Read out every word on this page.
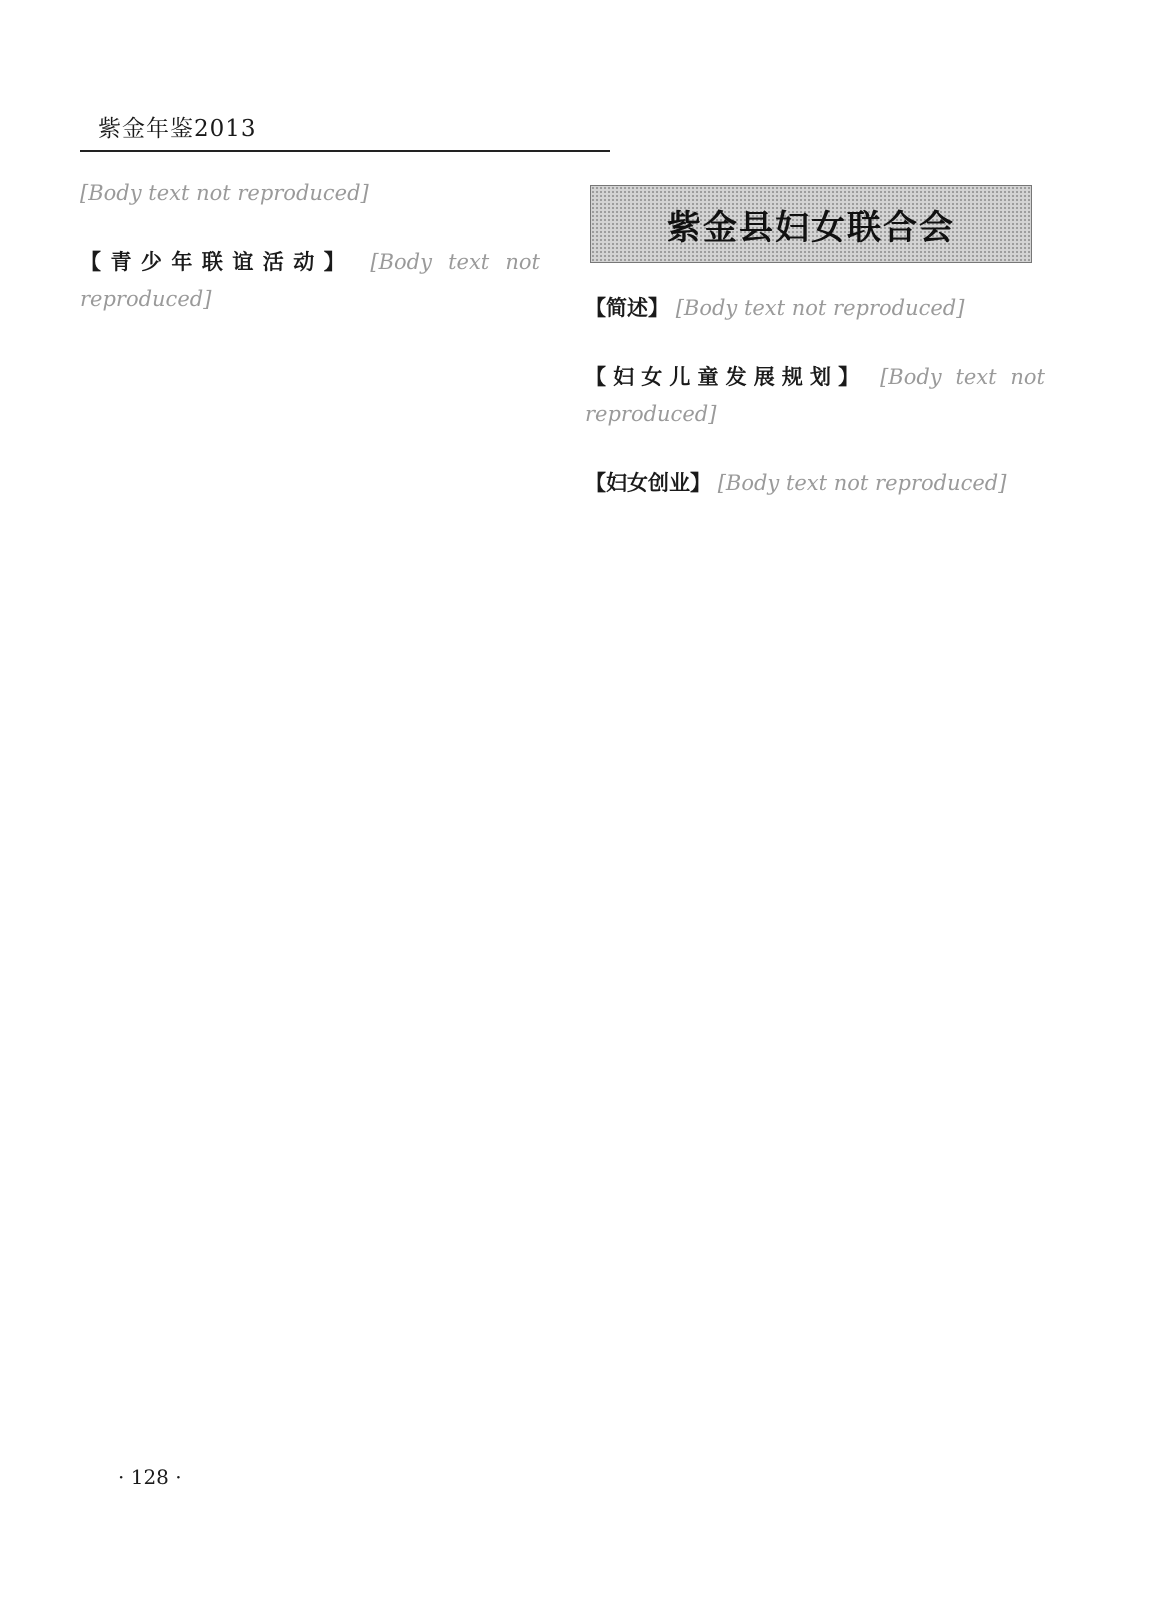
紫金年鉴2013
紫金县妇女联合会

[Body text not reproduced]

【青少年联谊活动】 [Body text not reproduced]	【简述】 [Body text not reproduced]

【妇女儿童发展规划】 [Body text not reproduced]

【妇女创业】 [Body text not reproduced]

· 128 ·
